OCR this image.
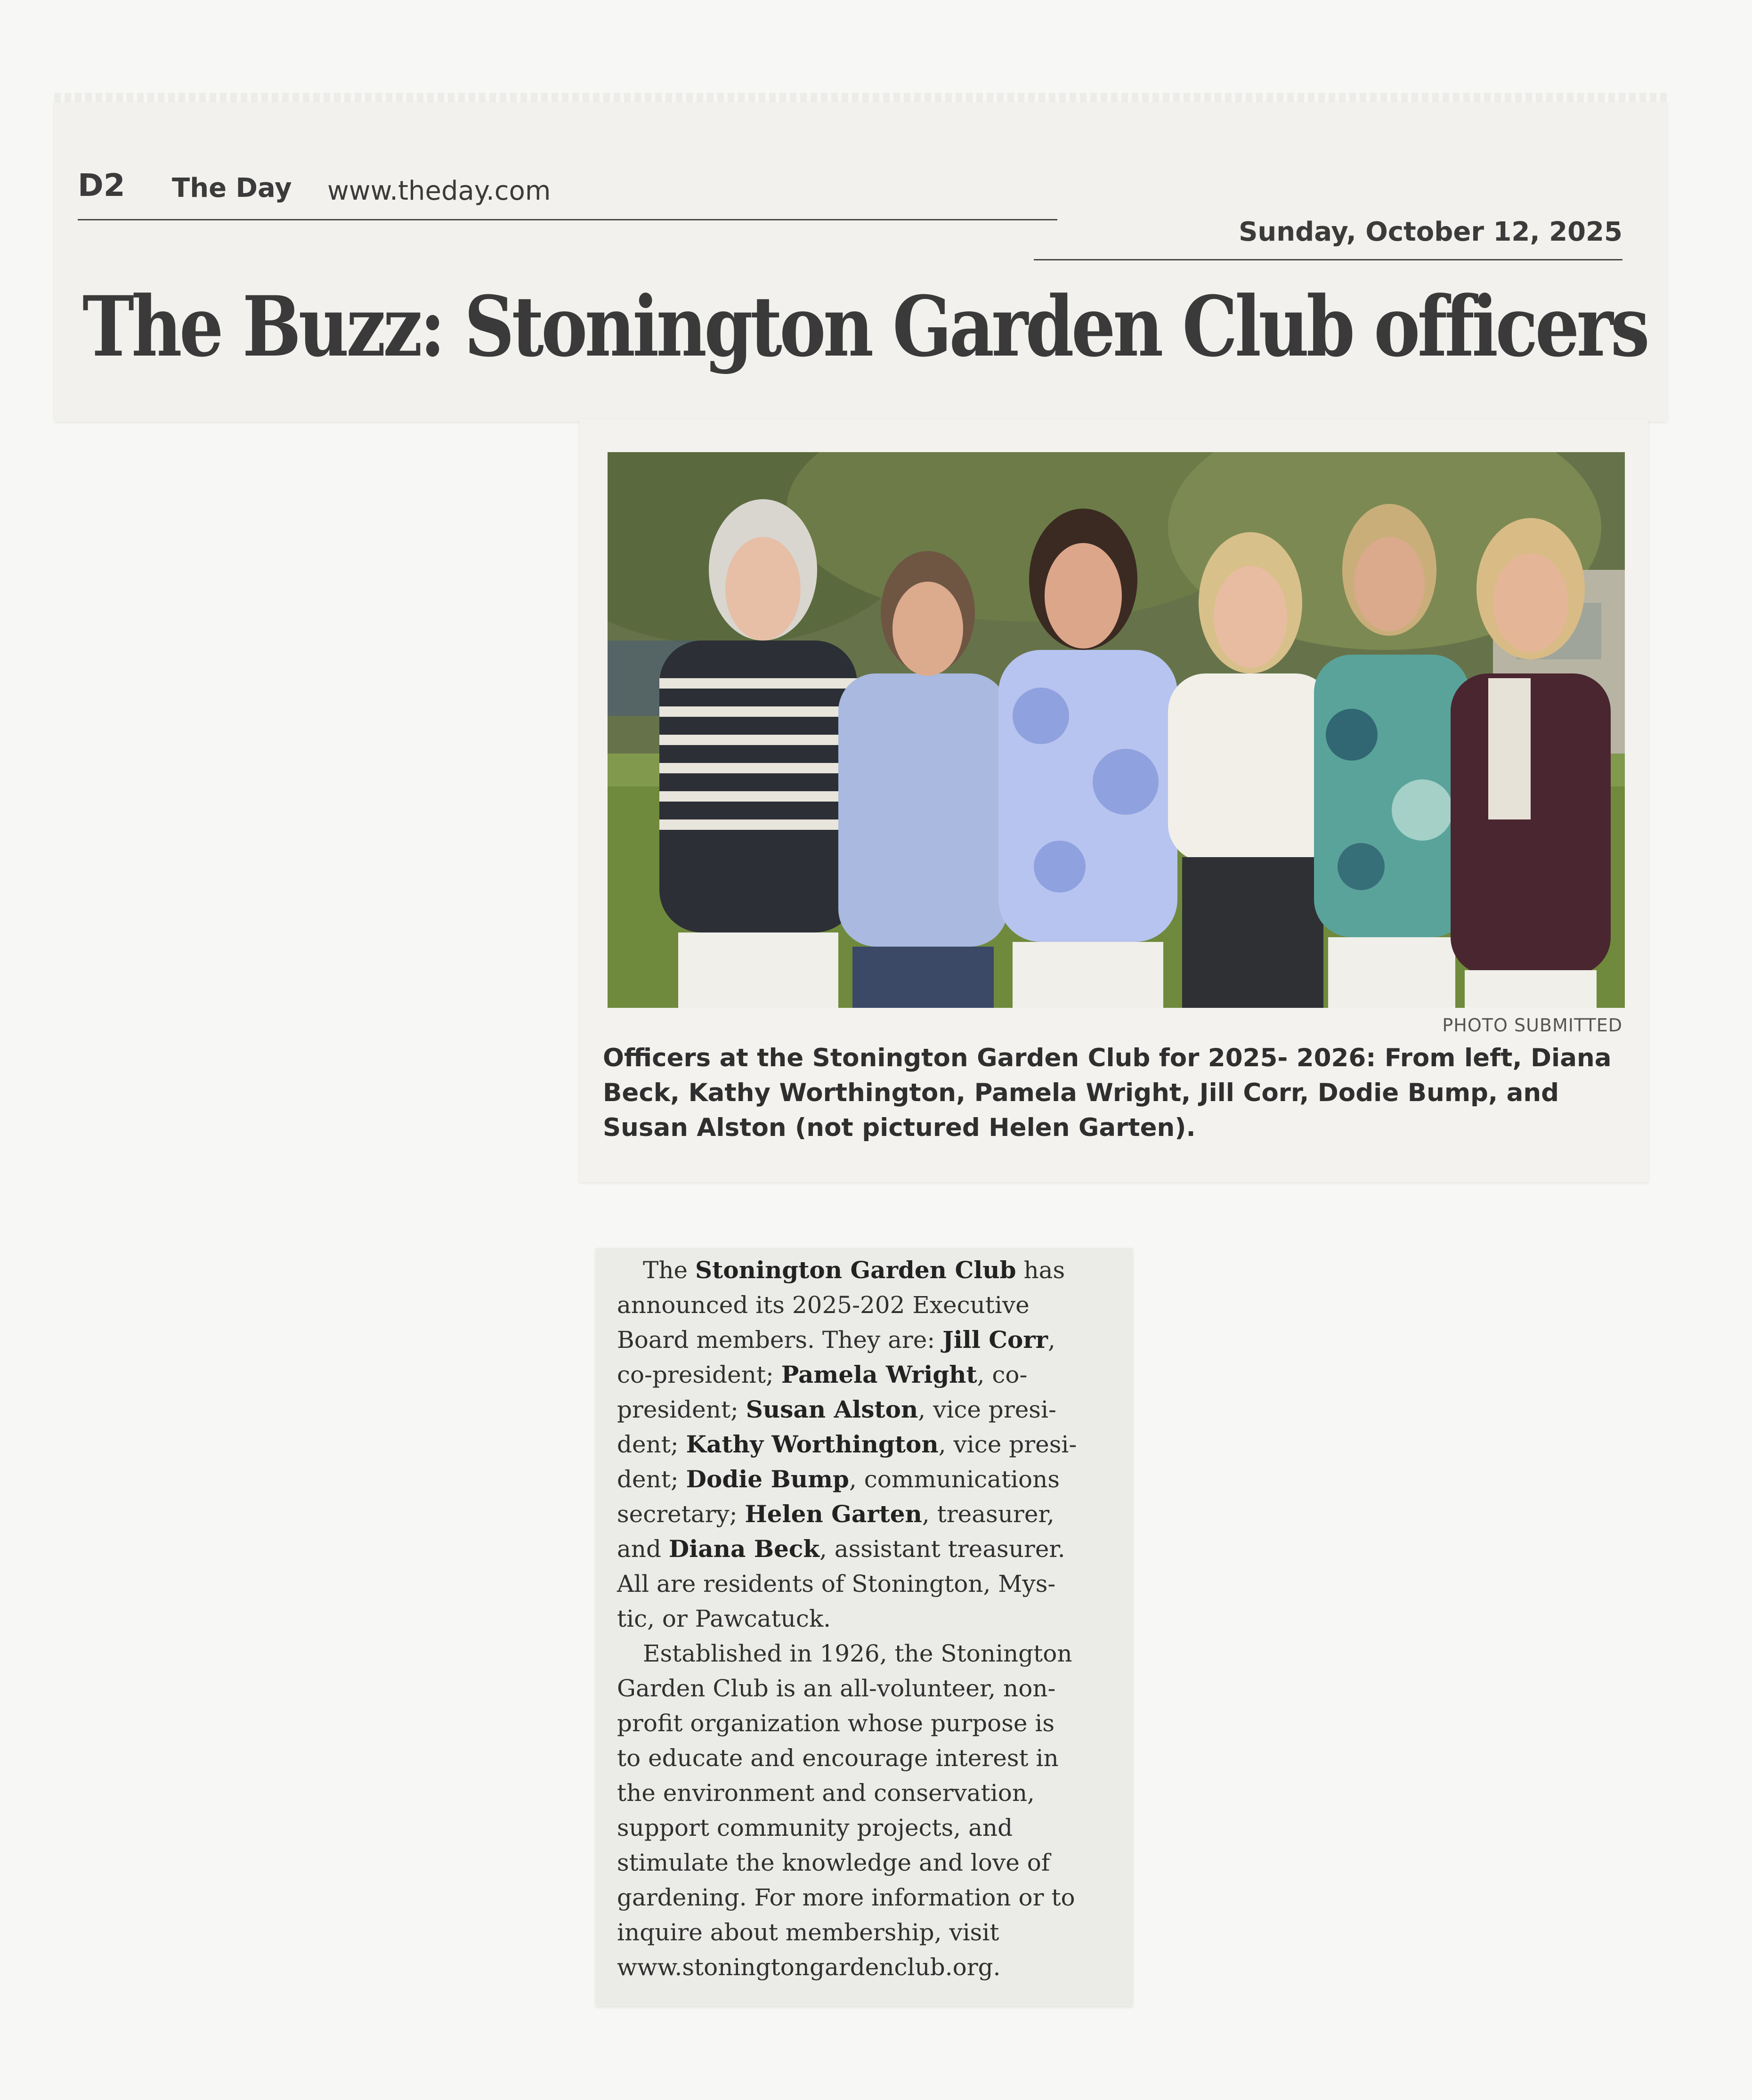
D2 The Day www.theday.com
Sunday, October 12, 2025
The Buzz: Stonington Garden Club officers
PHOTO SUBMITTED
Officers at the Stonington Garden Club for 2025- 2026: From left, Diana
Beck, Kathy Worthington, Pamela Wright, Jill Corr, Dodie Bump, and
Susan Alston (not pictured Helen Garten).

The Stonington Garden Club has
announced its 2025-202 Executive
Board members. They are: Jill Corr,
co-president; Pamela Wright, co-
president; Susan Alston, vice presi-
dent; Kathy Worthington, vice presi-
dent; Dodie Bump, communications
secretary; Helen Garten, treasurer,
and Diana Beck, assistant treasurer.
All are residents of Stonington, Mys-
tic, or Pawcatuck.

Established in 1926, the Stonington
Garden Club is an all-volunteer, non-
profit organization whose purpose is
to educate and encourage interest in
the environment and conservation,
support community projects, and
stimulate the knowledge and love of
gardening. For more information or to
inquire about membership, visit
www.stoningtongardenclub.org.
